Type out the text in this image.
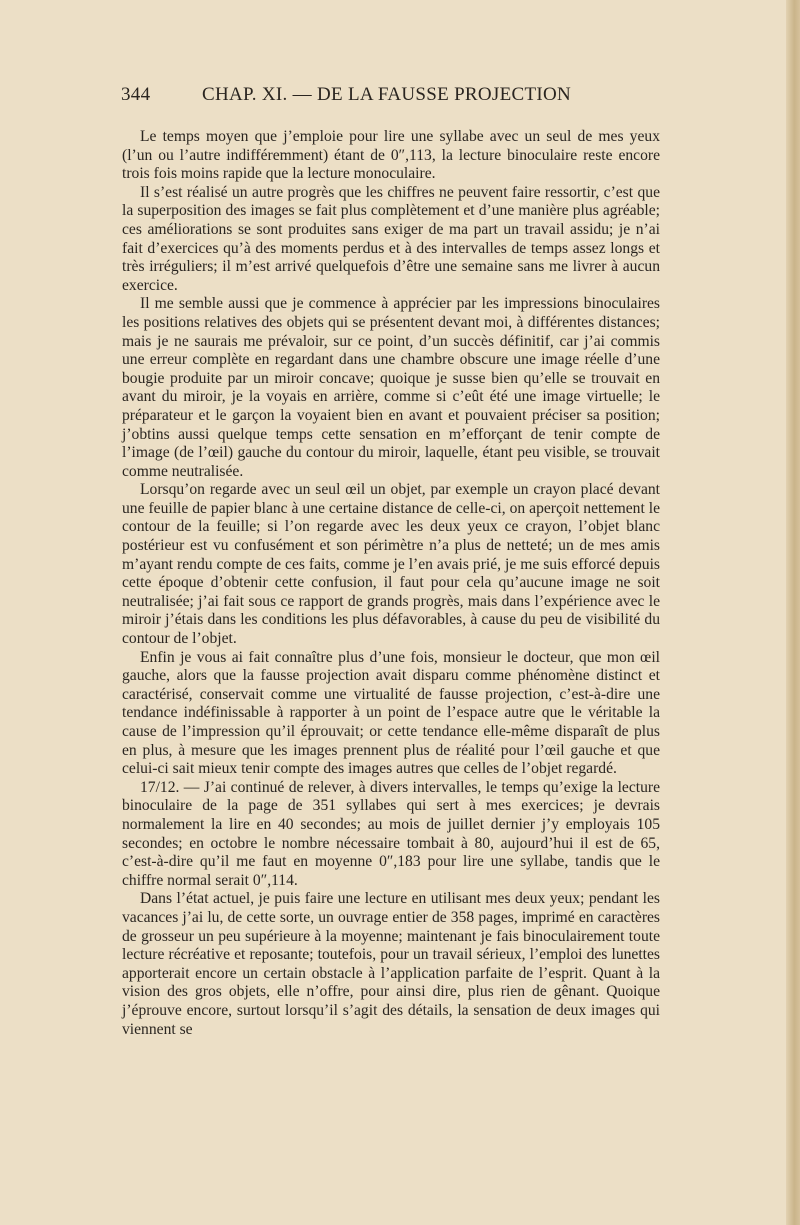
344	CHAP. XI. — DE LA FAUSSE PROJECTION

Le temps moyen que j’emploie pour lire une syllabe avec un seul de mes yeux (l’un ou l’autre indifféremment) étant de 0″,113, la lecture binoculaire reste encore trois fois moins rapide que la lecture monoculaire.

Il s’est réalisé un autre progrès que les chiffres ne peuvent faire ressortir, c’est que la superposition des images se fait plus complètement et d’une manière plus agréable; ces améliorations se sont produites sans exiger de ma part un travail assidu; je n’ai fait d’exercices qu’à des moments perdus et à des intervalles de temps assez longs et très irréguliers; il m’est arrivé quelquefois d’être une semaine sans me livrer à aucun exercice.

Il me semble aussi que je commence à apprécier par les impressions binoculaires les positions relatives des objets qui se présentent devant moi, à différentes distances; mais je ne saurais me prévaloir, sur ce point, d’un succès définitif, car j’ai commis une erreur complète en regardant dans une chambre obscure une image réelle d’une bougie produite par un miroir concave; quoique je susse bien qu’elle se trouvait en avant du miroir, je la voyais en arrière, comme si c’eût été une image virtuelle; le préparateur et le garçon la voyaient bien en avant et pouvaient préciser sa position; j’obtins aussi quelque temps cette sensation en m’efforçant de tenir compte de l’image (de l’œil) gauche du contour du miroir, laquelle, étant peu visible, se trouvait comme neutralisée.

Lorsqu’on regarde avec un seul œil un objet, par exemple un crayon placé devant une feuille de papier blanc à une certaine distance de celle-ci, on aperçoit nettement le contour de la feuille; si l’on regarde avec les deux yeux ce crayon, l’objet blanc postérieur est vu confusément et son périmètre n’a plus de netteté; un de mes amis m’ayant rendu compte de ces faits, comme je l’en avais prié, je me suis efforcé depuis cette époque d’obtenir cette confusion, il faut pour cela qu’aucune image ne soit neutralisée; j’ai fait sous ce rapport de grands progrès, mais dans l’expérience avec le miroir j’étais dans les conditions les plus défavorables, à cause du peu de visibilité du contour de l’objet.

Enfin je vous ai fait connaître plus d’une fois, monsieur le docteur, que mon œil gauche, alors que la fausse projection avait disparu comme phénomène distinct et caractérisé, conservait comme une virtualité de fausse projection, c’est-à-dire une tendance indéfinissable à rapporter à un point de l’espace autre que le véritable la cause de l’impression qu’il éprouvait; or cette tendance elle-même disparaît de plus en plus, à mesure que les images prennent plus de réalité pour l’œil gauche et que celui-ci sait mieux tenir compte des images autres que celles de l’objet regardé.

17/12. — J’ai continué de relever, à divers intervalles, le temps qu’exige la lecture binoculaire de la page de 351 syllabes qui sert à mes exercices; je devrais normalement la lire en 40 secondes; au mois de juillet dernier j’y employais 105 secondes; en octobre le nombre nécessaire tombait à 80, aujourd’hui il est de 65, c’est-à-dire qu’il me faut en moyenne 0″,183 pour lire une syllabe, tandis que le chiffre normal serait 0″,114.

Dans l’état actuel, je puis faire une lecture en utilisant mes deux yeux; pendant les vacances j’ai lu, de cette sorte, un ouvrage entier de 358 pages, imprimé en caractères de grosseur un peu supérieure à la moyenne; maintenant je fais binoculairement toute lecture récréative et reposante; toutefois, pour un travail sérieux, l’emploi des lunettes apporterait encore un certain obstacle à l’application parfaite de l’esprit. Quant à la vision des gros objets, elle n’offre, pour ainsi dire, plus rien de gênant. Quoique j’éprouve encore, surtout lorsqu’il s’agit des détails, la sensation de deux images qui viennent se
